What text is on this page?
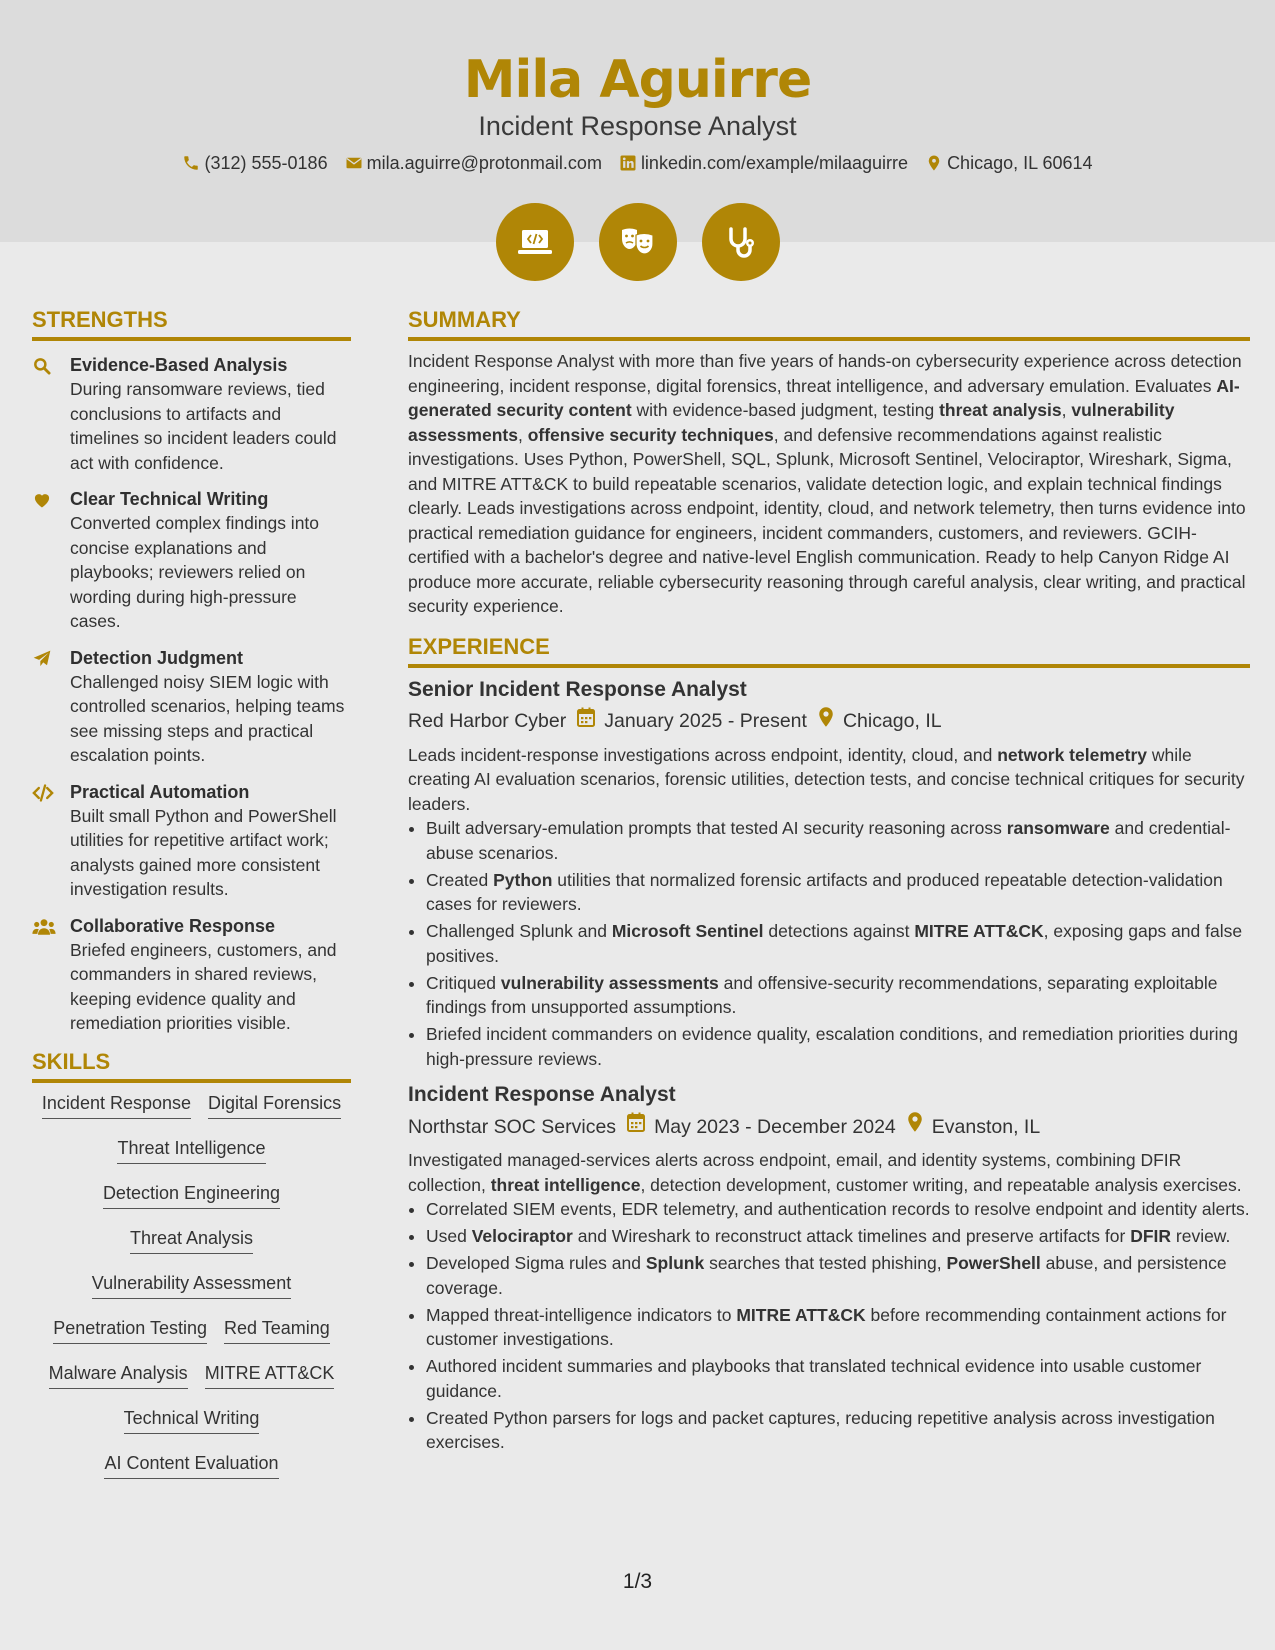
Mila Aguirre
Incident Response Analyst
(312) 555-0186 mila.aguirre@protonmail.com linkedin.com/example/milaaguirre Chicago, IL 60614
STRENGTHS
Evidence-Based Analysis
During ransomware reviews, tied conclusions to artifacts and timelines so incident leaders could act with confidence.
Clear Technical Writing
Converted complex findings into concise explanations and playbooks; reviewers relied on wording during high-pressure cases.
Detection Judgment
Challenged noisy SIEM logic with controlled scenarios, helping teams see missing steps and practical escalation points.
Practical Automation
Built small Python and PowerShell utilities for repetitive artifact work; analysts gained more consistent investigation results.
Collaborative Response
Briefed engineers, customers, and commanders in shared reviews, keeping evidence quality and remediation priorities visible.
SKILLS
Incident Response Digital Forensics
Threat Intelligence
Detection Engineering
Threat Analysis
Vulnerability Assessment
Penetration Testing Red Teaming
Malware Analysis MITRE ATT&CK
Technical Writing
AI Content Evaluation
SUMMARY

Incident Response Analyst with more than five years of hands-on cybersecurity experience across detection engineering, incident response, digital forensics, threat intelligence, and adversary emulation. Evaluates AI-generated security content with evidence-based judgment, testing threat analysis, vulnerability assessments, offensive security techniques, and defensive recommendations against realistic investigations. Uses Python, PowerShell, SQL, Splunk, Microsoft Sentinel, Velociraptor, Wireshark, Sigma, and MITRE ATT&CK to build repeatable scenarios, validate detection logic, and explain technical findings clearly. Leads investigations across endpoint, identity, cloud, and network telemetry, then turns evidence into practical remediation guidance for engineers, incident commanders, customers, and reviewers. GCIH-certified with a bachelor's degree and native-level English communication. Ready to help Canyon Ridge AI produce more accurate, reliable cybersecurity reasoning through careful analysis, clear writing, and practical security experience.

EXPERIENCE
Senior Incident Response Analyst
Red Harbor Cyber January 2025 - Present Chicago, IL
Leads incident-response investigations across endpoint, identity, cloud, and network telemetry while creating AI evaluation scenarios, forensic utilities, detection tests, and concise technical critiques for security leaders.
• Built adversary-emulation prompts that tested AI security reasoning across ransomware and credential-abuse scenarios.
• Created Python utilities that normalized forensic artifacts and produced repeatable detection-validation cases for reviewers.
• Challenged Splunk and Microsoft Sentinel detections against MITRE ATT&CK, exposing gaps and false positives.
• Critiqued vulnerability assessments and offensive-security recommendations, separating exploitable findings from unsupported assumptions.
• Briefed incident commanders on evidence quality, escalation conditions, and remediation priorities during high-pressure reviews.
Incident Response Analyst
Northstar SOC Services May 2023 - December 2024 Evanston, IL
Investigated managed-services alerts across endpoint, email, and identity systems, combining DFIR collection, threat intelligence, detection development, customer writing, and repeatable analysis exercises.
• Correlated SIEM events, EDR telemetry, and authentication records to resolve endpoint and identity alerts.
• Used Velociraptor and Wireshark to reconstruct attack timelines and preserve artifacts for DFIR review.
• Developed Sigma rules and Splunk searches that tested phishing, PowerShell abuse, and persistence coverage.
• Mapped threat-intelligence indicators to MITRE ATT&CK before recommending containment actions for customer investigations.
• Authored incident summaries and playbooks that translated technical evidence into usable customer guidance.
• Created Python parsers for logs and packet captures, reducing repetitive analysis across investigation exercises.
1/3
